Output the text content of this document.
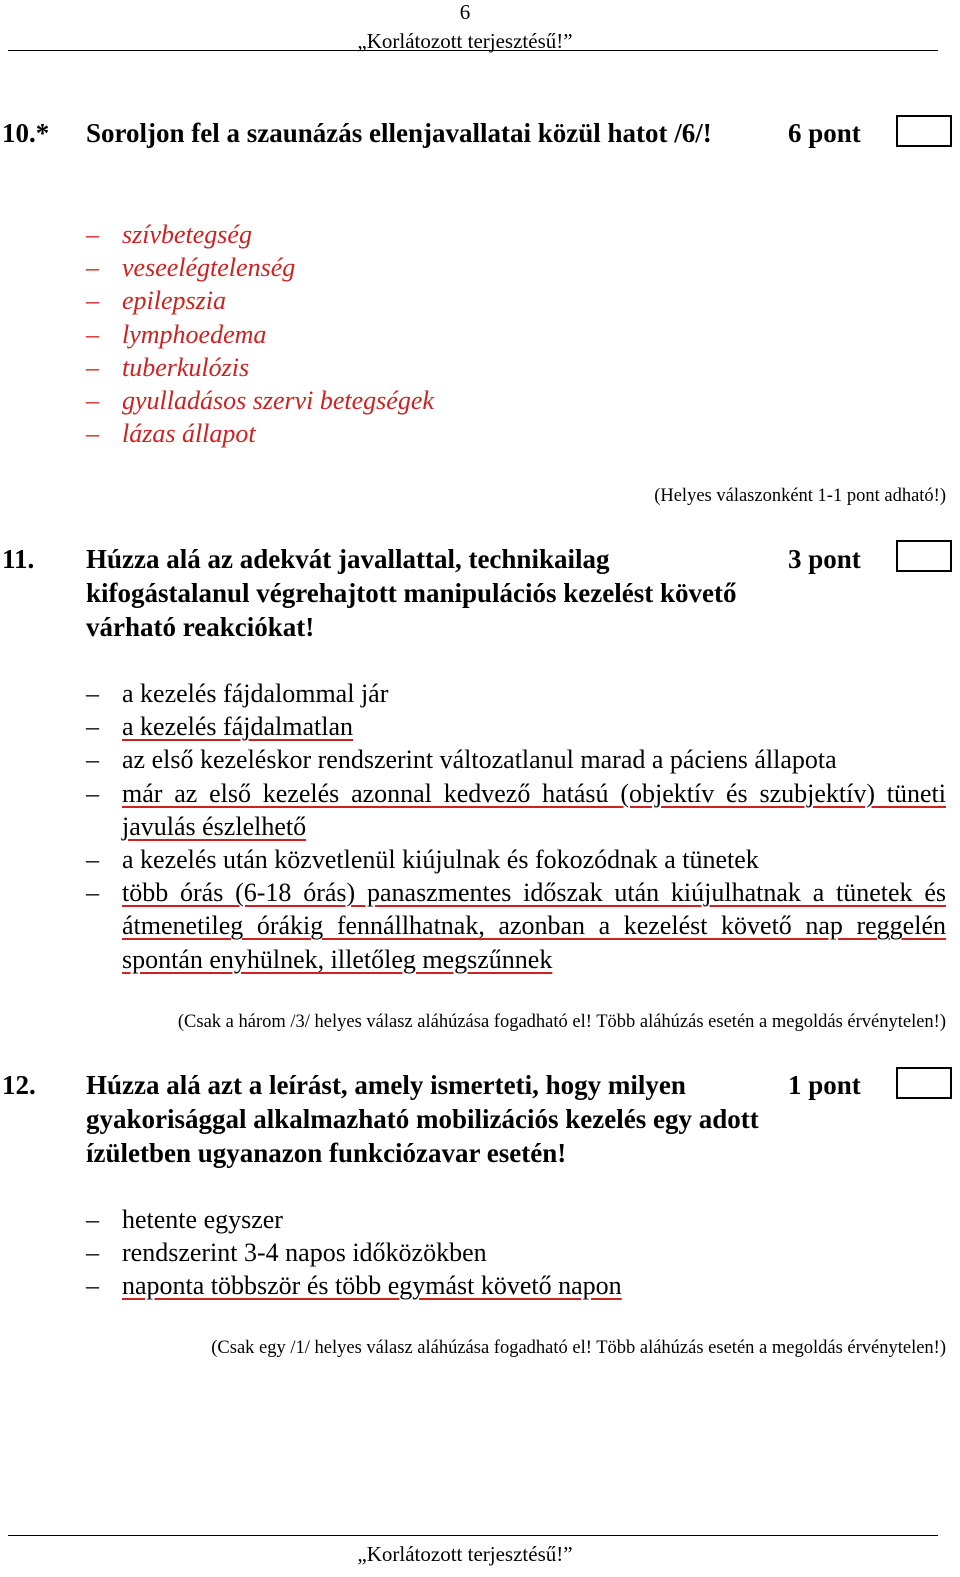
6
„Korlátozott terjesztésű!”
10.* Soroljon fel a szaunázás ellenjavallatai közül hatot /6/!	6 pont
– szívbetegség
– veseelégtelenség
– epilepszia
– lymphoedema
– tuberkulózis
– gyulladásos szervi betegségek
– lázas állapot
(Helyes válaszonként 1-1 pont adható!)
11. Húzza alá az adekvát javallattal, technikailag kifogástalanul végrehajtott manipulációs kezelést követő várható reakciókat!
3 pont
– a kezelés fájdalommal jár
– a kezelés fájdalmatlan
– az első kezeléskor rendszerint változatlanul marad a páciens állapota
– már az első kezelés azonnal kedvező hatású (objektív és szubjektív) tüneti javulás észlelhető
– a kezelés után közvetlenül kiújulnak és fokozódnak a tünetek
– több órás (6-18 órás) panaszmentes időszak után kiújulhatnak a tünetek és átmenetileg órákig fennállhatnak, azonban a kezelést követő nap reggelén spontán enyhülnek, illetőleg megszűnnek
(Csak a három /3/ helyes válasz aláhúzása fogadható el! Több aláhúzás esetén a megoldás érvénytelen!)
12. Húzza alá azt a leírást, amely ismerteti, hogy milyen gyakorisággal alkalmazható mobilizációs kezelés egy adott ízületben ugyanazon funkciózavar esetén!
1 pont
– hetente egyszer
– rendszerint 3-4 napos időközökben
– naponta többször és több egymást követő napon
(Csak egy /1/ helyes válasz aláhúzása fogadható el! Több aláhúzás esetén a megoldás érvénytelen!)
„Korlátozott terjesztésű!”
